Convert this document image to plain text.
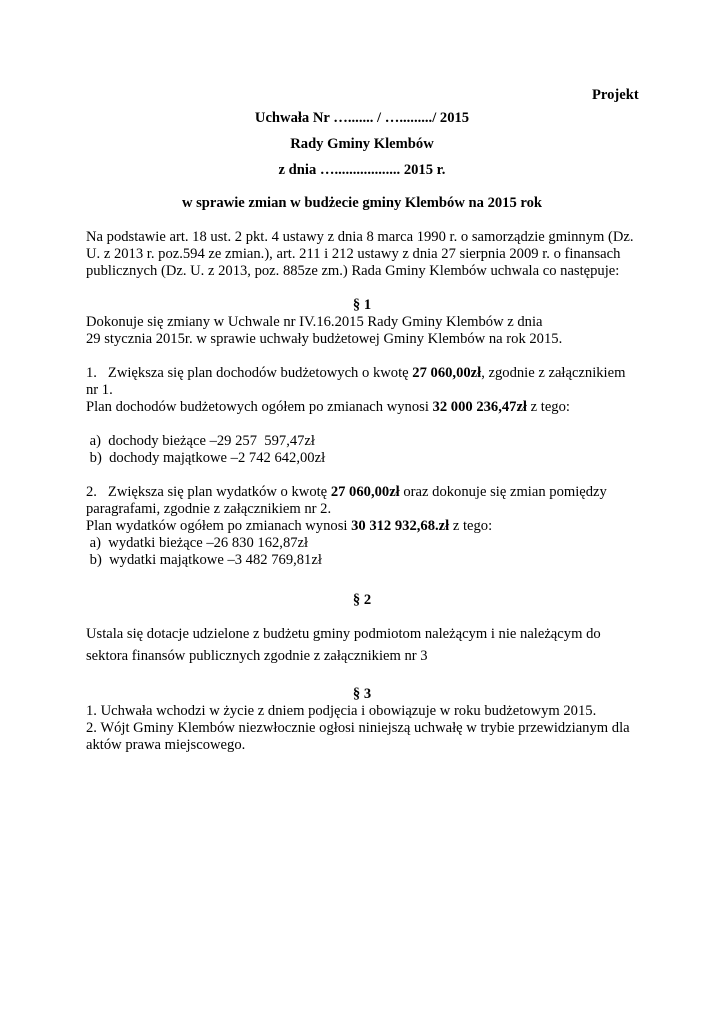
Projekt
Uchwała Nr …....... / …........./ 2015
Rady Gminy Klembów
z dnia ….................. 2015 r.
w sprawie zmian w budżecie gminy Klembów na 2015 rok
Na podstawie art. 18 ust. 2 pkt. 4 ustawy z dnia 8 marca 1990 r. o samorządzie gminnym (Dz.
U. z 2013 r. poz.594 ze zmian.), art. 211 i 212 ustawy z dnia 27 sierpnia 2009 r. o finansach
publicznych (Dz. U. z 2013, poz. 885ze zm.) Rada Gminy Klembów uchwala co następuje:
§ 1
Dokonuje się zmiany w Uchwale nr IV.16.2015 Rady Gminy Klembów z dnia
29 stycznia 2015r. w sprawie uchwały budżetowej Gminy Klembów na rok 2015.
1. Zwiększa się plan dochodów budżetowych o kwotę 27 060,00zł, zgodnie z załącznikiem
nr 1.
Plan dochodów budżetowych ogółem po zmianach wynosi 32 000 236,47zł z tego:
a)  dochody bieżące –29 257  597,47zł
b)  dochody majątkowe –2 742 642,00zł
2. Zwiększa się plan wydatków o kwotę 27 060,00zł oraz dokonuje się zmian pomiędzy
paragrafami, zgodnie z załącznikiem nr 2.
Plan wydatków ogółem po zmianach wynosi 30 312 932,68.zł z tego:
a)  wydatki bieżące –26 830 162,87zł
b)  wydatki majątkowe –3 482 769,81zł
§ 2
Ustala się dotacje udzielone z budżetu gminy podmiotom należącym i nie należącym do
sektora finansów publicznych zgodnie z załącznikiem nr 3
§ 3
1. Uchwała wchodzi w życie z dniem podjęcia i obowiązuje w roku budżetowym 2015.
2. Wójt Gminy Klembów niezwłocznie ogłosi niniejszą uchwałę w trybie przewidzianym dla
aktów prawa miejscowego.
